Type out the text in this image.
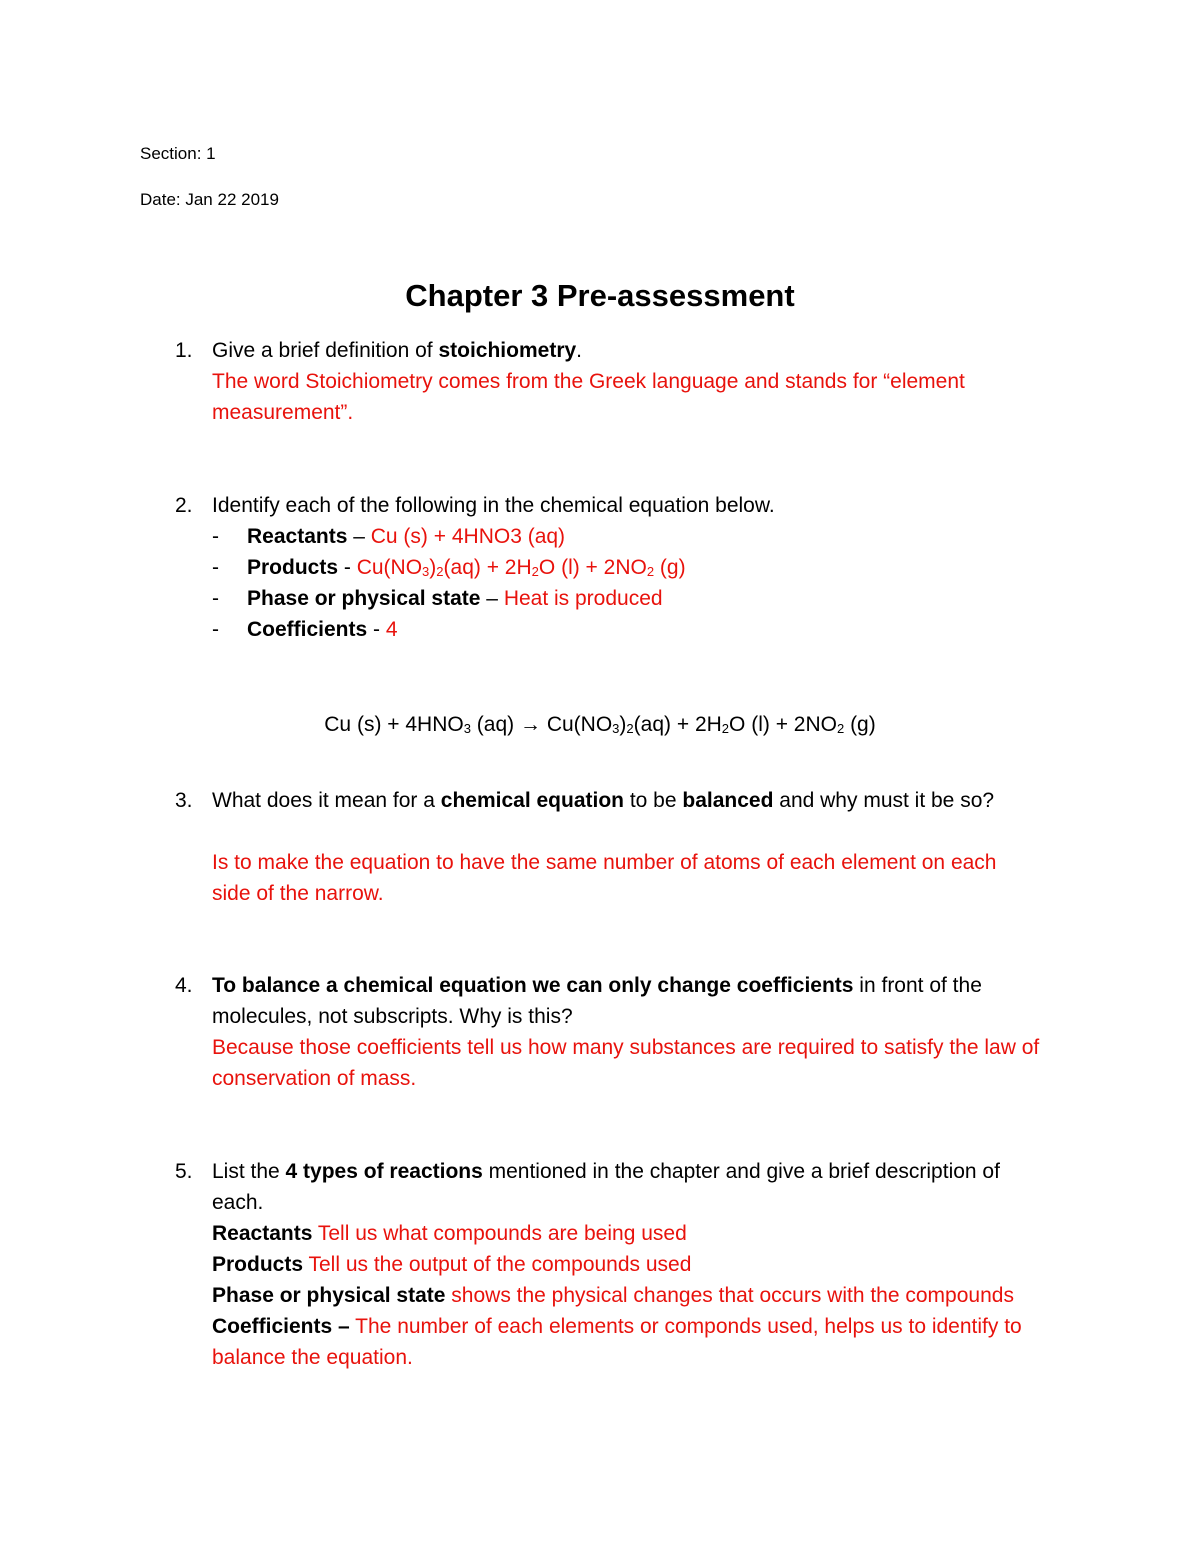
Section: 1
Date: Jan 22 2019
Chapter 3 Pre-assessment
1. Give a brief definition of stoichiometry.
The word Stoichiometry comes from the Greek language and stands for “element
measurement”.
2. Identify each of the following in the chemical equation below.
- Reactants – Cu (s) + 4HNO3 (aq)
- Products - $Cu(NO_3)_2(aq) + 2H_2O$ $(l) + 2NO_2$ (g)
- Phase or physical state – Heat is produced
- Coefficients - 4
Cu $(s) + 4HNO_3$ $(aq) \to Cu(NO_3)_2(aq) + 2H_2O$ $(l) + 2NO_2$ (g)
3. What does it mean for a chemical equation to be balanced and why must it be so?
Is to make the equation to have the same number of atoms of each element on each
side of the narrow.
4. To balance a chemical equation we can only change coefficients in front of the
molecules, not subscripts. Why is this?
Because those coefficients tell us how many substances are required to satisfy the law of
conservation of mass.
5. List the 4 types of reactions mentioned in the chapter and give a brief description of
each.
Reactants Tell us what compounds are being used
Products Tell us the output of the compounds used
Phase or physical state shows the physical changes that occurs with the compounds
Coefficients – The number of each elements or componds used, helps us to identify to
balance the equation.
